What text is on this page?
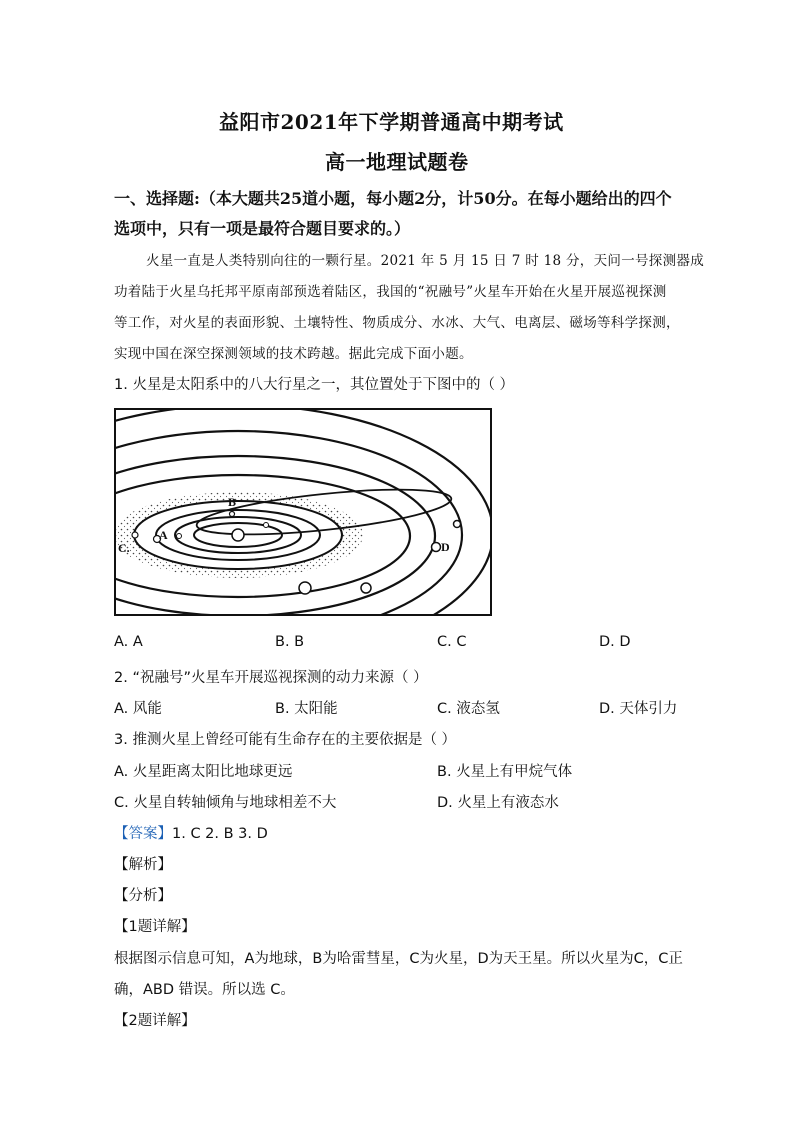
益阳市2021年下学期普通高中期考试
高一地理试题卷
一、选择题:（本大题共25道小题，每小题2分，计50分。在每小题给出的四个
选项中，只有一项是最符合题目要求的。）
火星一直是人类特别向往的一颗行星。2021 年 5 月 15 日 7 时 18 分，天问一号探测器成
功着陆于火星乌托邦平原南部预选着陆区，我国的“祝融号”火星车开始在火星开展巡视探测
等工作，对火星的表面形貌、土壤特性、物质成分、水冰、大气、电离层、磁场等科学探测，
实现中国在深空探测领域的技术跨越。据此完成下面小题。
1. 火星是太阳系中的八大行星之一，其位置处于下图中的（ ）
A
B
C.	D
A. A	B. B	C. C	D. D
2. “祝融号”火星车开展巡视探测的动力来源（ ）
A. 风能	B. 太阳能	C. 液态氢	D. 天体引力
3. 推测火星上曾经可能有生命存在的主要依据是（ ）
A. 火星距离太阳比地球更远	B. 火星上有甲烷气体
C. 火星自转轴倾角与地球相差不大	D. 火星上有液态水
【答案】1. C 2. B 3. D
【解析】
【分析】
【1题详解】
根据图示信息可知，A为地球，B为哈雷彗星，C为火星，D为天王星。所以火星为C，C正
确，ABD 错误。所以选 C。
【2题详解】
